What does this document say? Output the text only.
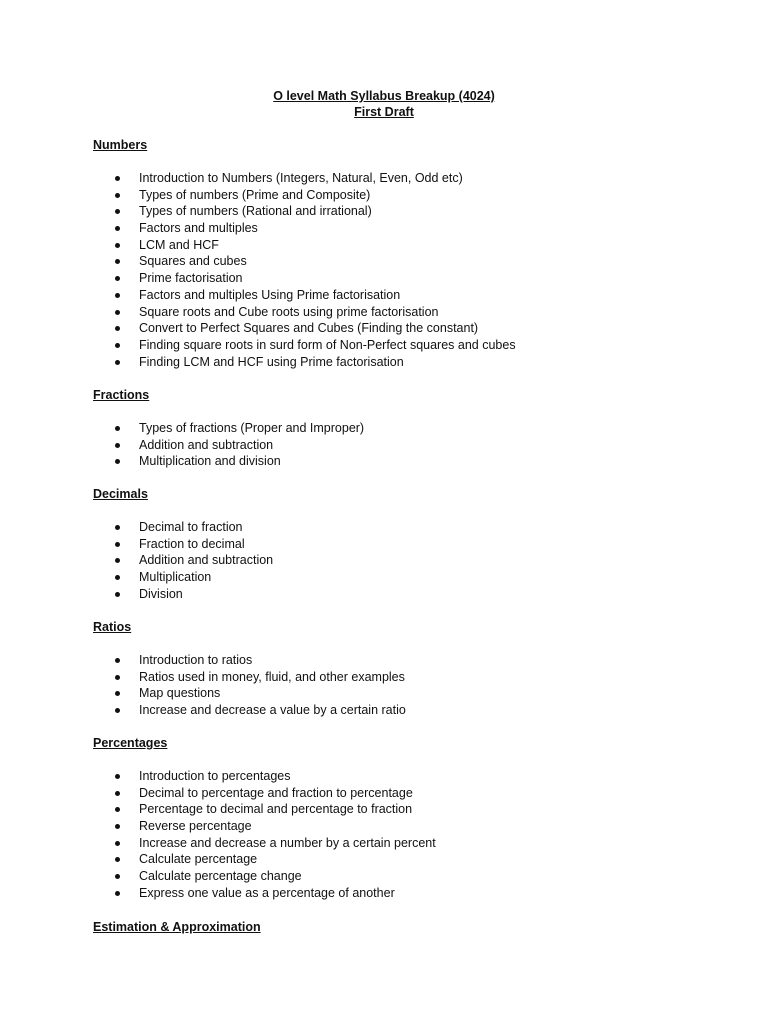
O level Math Syllabus Breakup (4024)
First Draft
Numbers
Introduction to Numbers (Integers, Natural, Even, Odd etc)
Types of numbers (Prime and Composite)
Types of numbers (Rational and irrational)
Factors and multiples
LCM and HCF
Squares and cubes
Prime factorisation
Factors and multiples Using Prime factorisation
Square roots and Cube roots using prime factorisation
Convert to Perfect Squares and Cubes (Finding the constant)
Finding square roots in surd form of Non-Perfect squares and cubes
Finding LCM and HCF using Prime factorisation
Fractions
Types of fractions (Proper and Improper)
Addition and subtraction
Multiplication and division
Decimals
Decimal to fraction
Fraction to decimal
Addition and subtraction
Multiplication
Division
Ratios
Introduction to ratios
Ratios used in money, fluid, and other examples
Map questions
Increase and decrease a value by a certain ratio
Percentages
Introduction to percentages
Decimal to percentage and fraction to percentage
Percentage to decimal and percentage to fraction
Reverse percentage
Increase and decrease a number by a certain percent
Calculate percentage
Calculate percentage change
Express one value as a percentage of another
Estimation & Approximation
